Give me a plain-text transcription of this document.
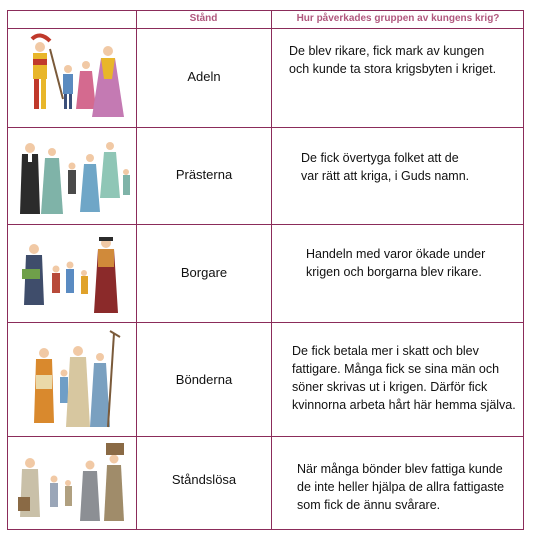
Stånd	Hur påverkades gruppen av kungens krig?
Adeln
De blev rikare, fick mark av kungen
och kunde ta stora krigsbyten i kriget.
Prästerna
De fick övertyga folket att de
var rätt att kriga, i Guds namn.
Borgare
Handeln med varor ökade under
krigen och borgarna blev rikare.
Bönderna
De fick betala mer i skatt och blev
fattigare. Många fick se sina män och
söner skrivas ut i krigen. Därför fick
kvinnorna arbeta hårt här hemma själva.
Ståndslösa
När många bönder blev fattiga kunde
de inte heller hjälpa de allra fattigaste
som fick de ännu svårare.
